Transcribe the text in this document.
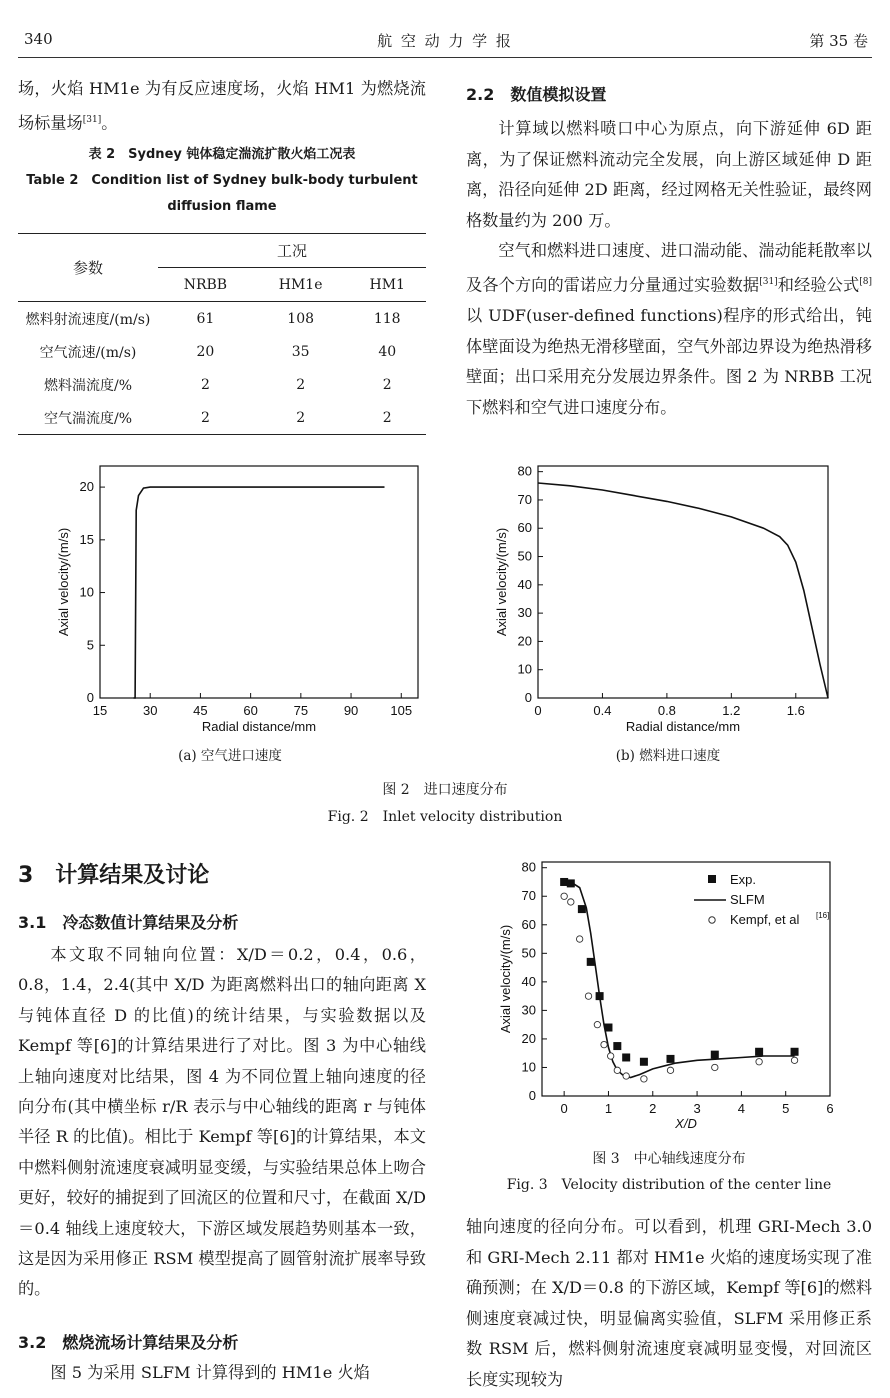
340	航 空 动 力 学 报	第 35 卷

场，火焰 HM1e 为有反应速度场，火焰 HM1 为燃烧流场标量场[31]。

表 2　Sydney 钝体稳定湍流扩散火焰工况表
Table 2　Condition list of Sydney bulk-body turbulent
diffusion flame
参数	工况		
	NRBB	HM1e	HM1
燃料射流速度/(m/s)	61	108	118
空气流速/(m/s)	20	35	40
燃料湍流度/%	2	2	2
空气湍流度/%	2	2	2
2.2　数值模拟设置

计算域以燃料喷口中心为原点，向下游延伸 6D 距离，为了保证燃料流动完全发展，向上游区域延伸 D 距离，沿径向延伸 2D 距离，经过网格无关性验证，最终网格数量约为 200 万。

空气和燃料进口速度、进口湍动能、湍动能耗散率以及各个方向的雷诺应力分量通过实验数据[31]和经验公式[8]以 UDF(user-defined functions)程序的形式给出，钝体壁面设为绝热无滑移壁面，空气外部边界设为绝热滑移壁面；出口采用充分发展边界条件。图 2 为 NRBB 工况下燃料和空气进口速度分布。

15	30	45	60	75	90 105
0
5
10
15
20
Radial distance/mm
Axial velocity/(m/s)
(a) 空气进口速度
0	0.4	0.8	1.2	1.6
0
10
20
30
40
50
60
70
80
Radial distance/mm
Axial velocity/(m/s)
(b) 燃料进口速度
图 2　进口速度分布
Fig. 2　Inlet velocity distribution
3　计算结果及讨论
3.1　冷态数值计算结果及分析

本文取不同轴向位置：X/D＝0.2，0.4，0.6，0.8，1.4，2.4(其中 X/D 为距离燃料出口的轴向距离 X 与钝体直径 D 的比值)的统计结果，与实验数据以及 Kempf 等[6]的计算结果进行了对比。图 3 为中心轴线上轴向速度对比结果，图 4 为不同位置上轴向速度的径向分布(其中横坐标 r/R 表示与中心轴线的距离 r 与钝体半径 R 的比值)。相比于 Kempf 等[6]的计算结果，本文中燃料侧射流速度衰减明显变缓，与实验结果总体上吻合更好，较好的捕捉到了回流区的位置和尺寸，在截面 X/D＝0.4 轴线上速度较大，下游区域发展趋势则基本一致，这是因为采用修正 RSM 模型提高了圆管射流扩展率导致的。

3.2　燃烧流场计算结果及分析

图 5 为采用 SLFM 计算得到的 HM1e 火焰

0	1	2	3	4	5	6
0
10
20
30
40
50
60
70
80
X/D
Axial velocity/(m/s)
Exp.
SLFM
Kempf, et al [16]
图 3　中心轴线速度分布
Fig. 3　Velocity distribution of the center line

轴向速度的径向分布。可以看到，机理 GRI-Mech 3.0 和 GRI-Mech 2.11 都对 HM1e 火焰的速度场实现了准确预测；在 X/D＝0.8 的下游区域，Kempf 等[6]的燃料侧速度衰减过快，明显偏离实验值，SLFM 采用修正系数 RSM 后，燃料侧射流速度衰减明显变慢，对回流区长度实现较为
